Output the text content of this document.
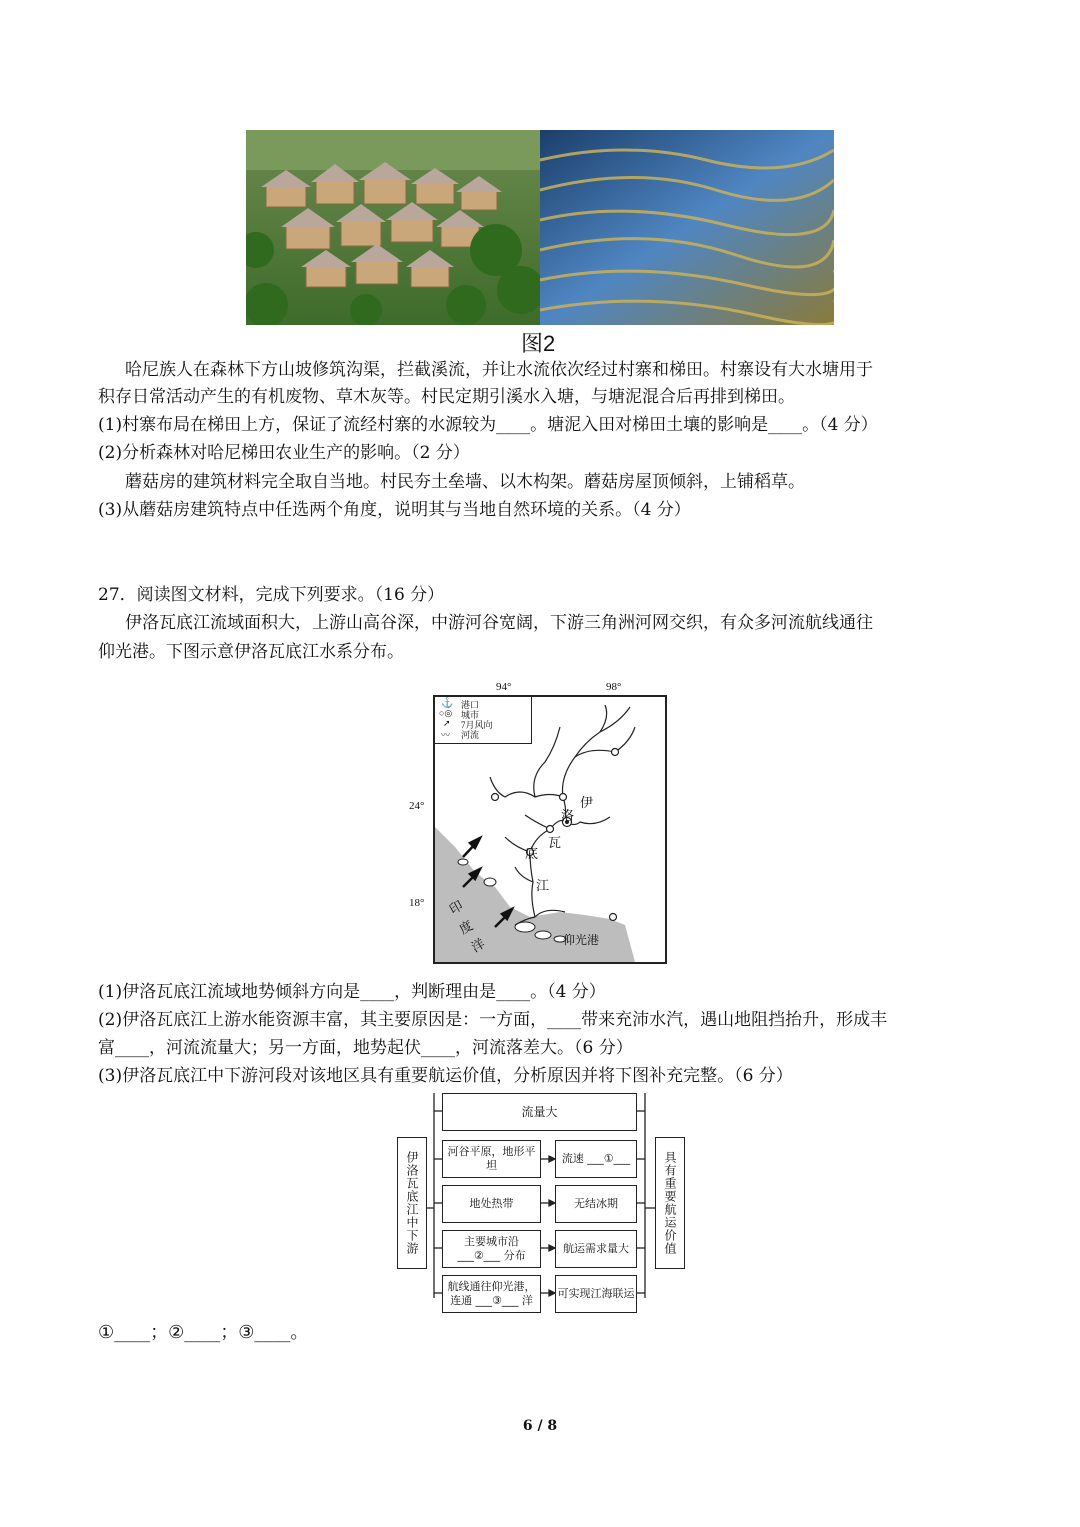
图2
哈尼族人在森林下方山坡修筑沟渠，拦截溪流，并让水流依次经过村寨和梯田。村寨设有大水塘用于
积存日常活动产生的有机废物、草木灰等。村民定期引溪水入塘，与塘泥混合后再排到梯田。
(1)村寨布局在梯田上方，保证了流经村寨的水源较为____。塘泥入田对梯田土壤的影响是____。（4 分）
(2)分析森林对哈尼梯田农业生产的影响。（2 分）
蘑菇房的建筑材料完全取自当地。村民夯土垒墙、以木构架。蘑菇房屋顶倾斜，上铺稻草。
(3)从蘑菇房建筑特点中任选两个角度，说明其与当地自然环境的关系。（4 分）
27．阅读图文材料，完成下列要求。（16 分）
伊洛瓦底江流域面积大，上游山高谷深，中游河谷宽阔，下游三角洲河网交织，有众多河流航线通往
仰光港。下图示意伊洛瓦底江水系分布。
94°	98°
24°
18°
⚓ 港口
○◎ 城市
➚ 7月风向
〰 河流
伊
洛
瓦
底
江
印
度
洋	仰光港
(1)伊洛瓦底江流域地势倾斜方向是____，判断理由是____。（4 分）
(2)伊洛瓦底江上游水能资源丰富，其主要原因是：一方面，____带来充沛水汽，遇山地阻挡抬升，形成丰
富____，河流流量大；另一方面，地势起伏____，河流落差大。（6 分）
(3)伊洛瓦底江中下游河段对该地区具有重要航运价值，分析原因并将下图补充完整。（6 分）
伊洛瓦底江中下游
流量大
河谷平原，地形平坦
流速 ___①___
地处热带	无结冰期
主要城市沿 ___②___ 分布
航运需求量大
航线通往仰光港，连通 ___③___ 洋
可实现江海联运
具有重要航运价值
①____；②____；③____。
6 / 8
